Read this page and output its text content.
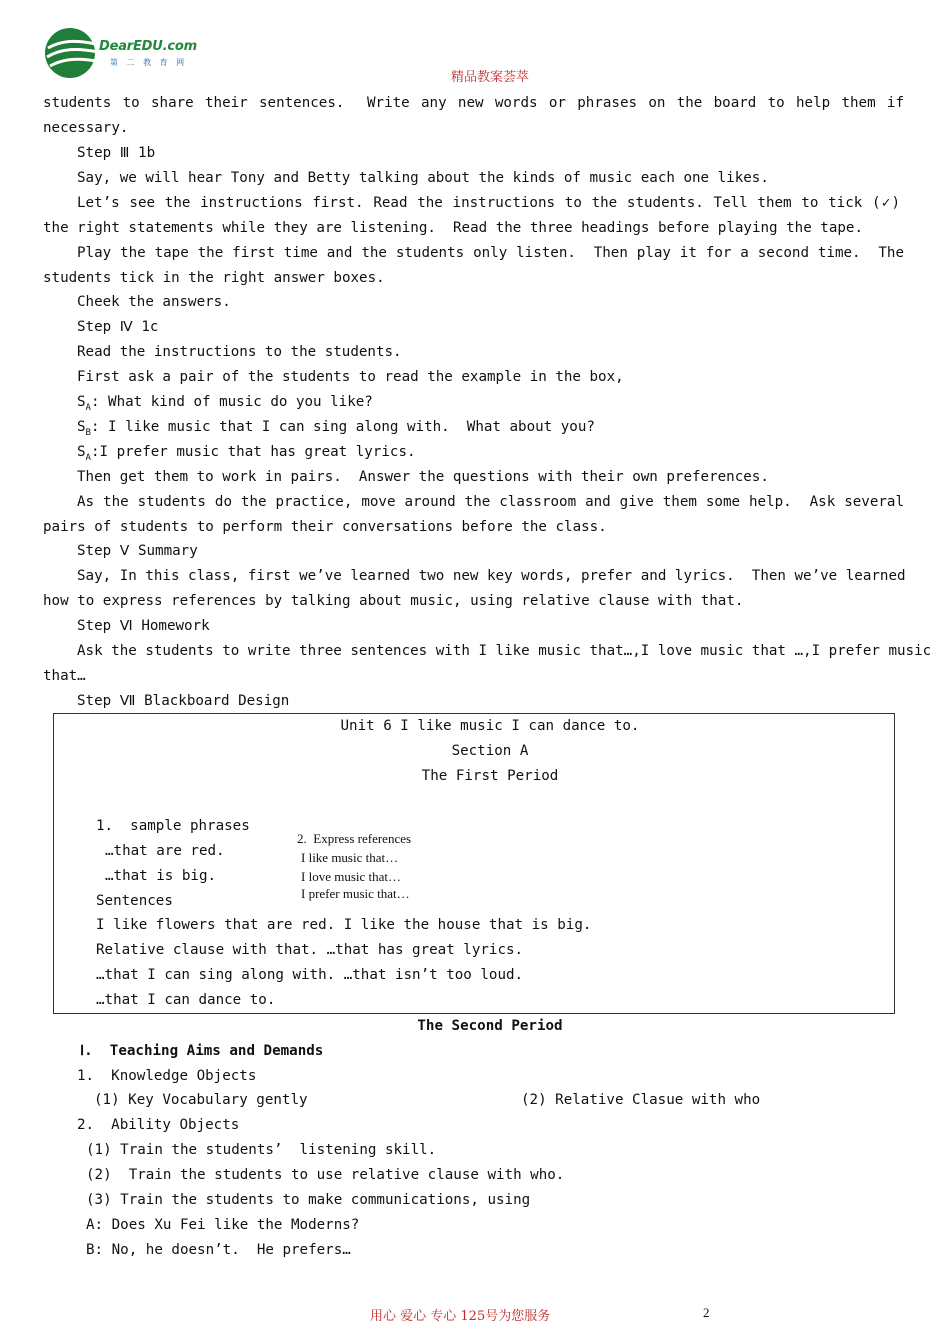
DearEDU.com
第 二 教 育 网
精品教案荟萃
students to share their sentences.  Write any new words or phrases on the board to help them if
necessary.
Step Ⅲ 1b
Say, we will hear Tony and Betty talking about the kinds of music each one likes.
Let’s see the instructions first. Read the instructions to the students. Tell them to tick (✓)
the right statements while they are listening.  Read the three headings before playing the tape.
Play the tape the first time and the students only listen.  Then play it for a second time.  The
students tick in the right answer boxes.
Cheek the answers.
Step Ⅳ 1c
Read the instructions to the students.
First ask a pair of the students to read the example in the box,
$S_A$: What kind of music do you like?
$S_B$: I like music that I can sing along with.  What about you?
$S_A:I$ prefer music that has great lyrics.
Then get them to work in pairs.  Answer the questions with their own preferences.
As the students do the practice, move around the classroom and give them some help.  Ask several
pairs of students to perform their conversations before the class.
Step Ⅴ Summary
Say, In this class, first we’ve learned two new key words, prefer and lyrics.  Then we’ve learned
how to express references by talking about music, using relative clause with that.
Step Ⅵ Homework
Ask the students to write three sentences with I like music that…,I love music that …,I prefer music
that…
Step Ⅶ Blackboard Design
Unit 6 I like music I can dance to.
Section A
The First Period
1.  sample phrases
…that are red.
…that is big.
Sentences
I like flowers that are red. I like the house that is big.
Relative clause with that. …that has great lyrics.
…that I can sing along with. …that isn’t too loud.
…that I can dance to.
2.  Express references
I like music that…
I love music that…
I prefer music that…
The Second Period
Ⅰ.  Teaching Aims and Demands
1.  Knowledge Objects
(1) Key Vocabulary gently	(2) Relative Clasue with who
2.  Ability Objects
(1) Train the students’  listening skill.
(2)  Train the students to use relative clause with who.
(3) Train the students to make communications, using
A: Does Xu Fei like the Moderns?
B: No, he doesn’t.  He prefers…
用心 爱心 专心 125号为您服务	2
